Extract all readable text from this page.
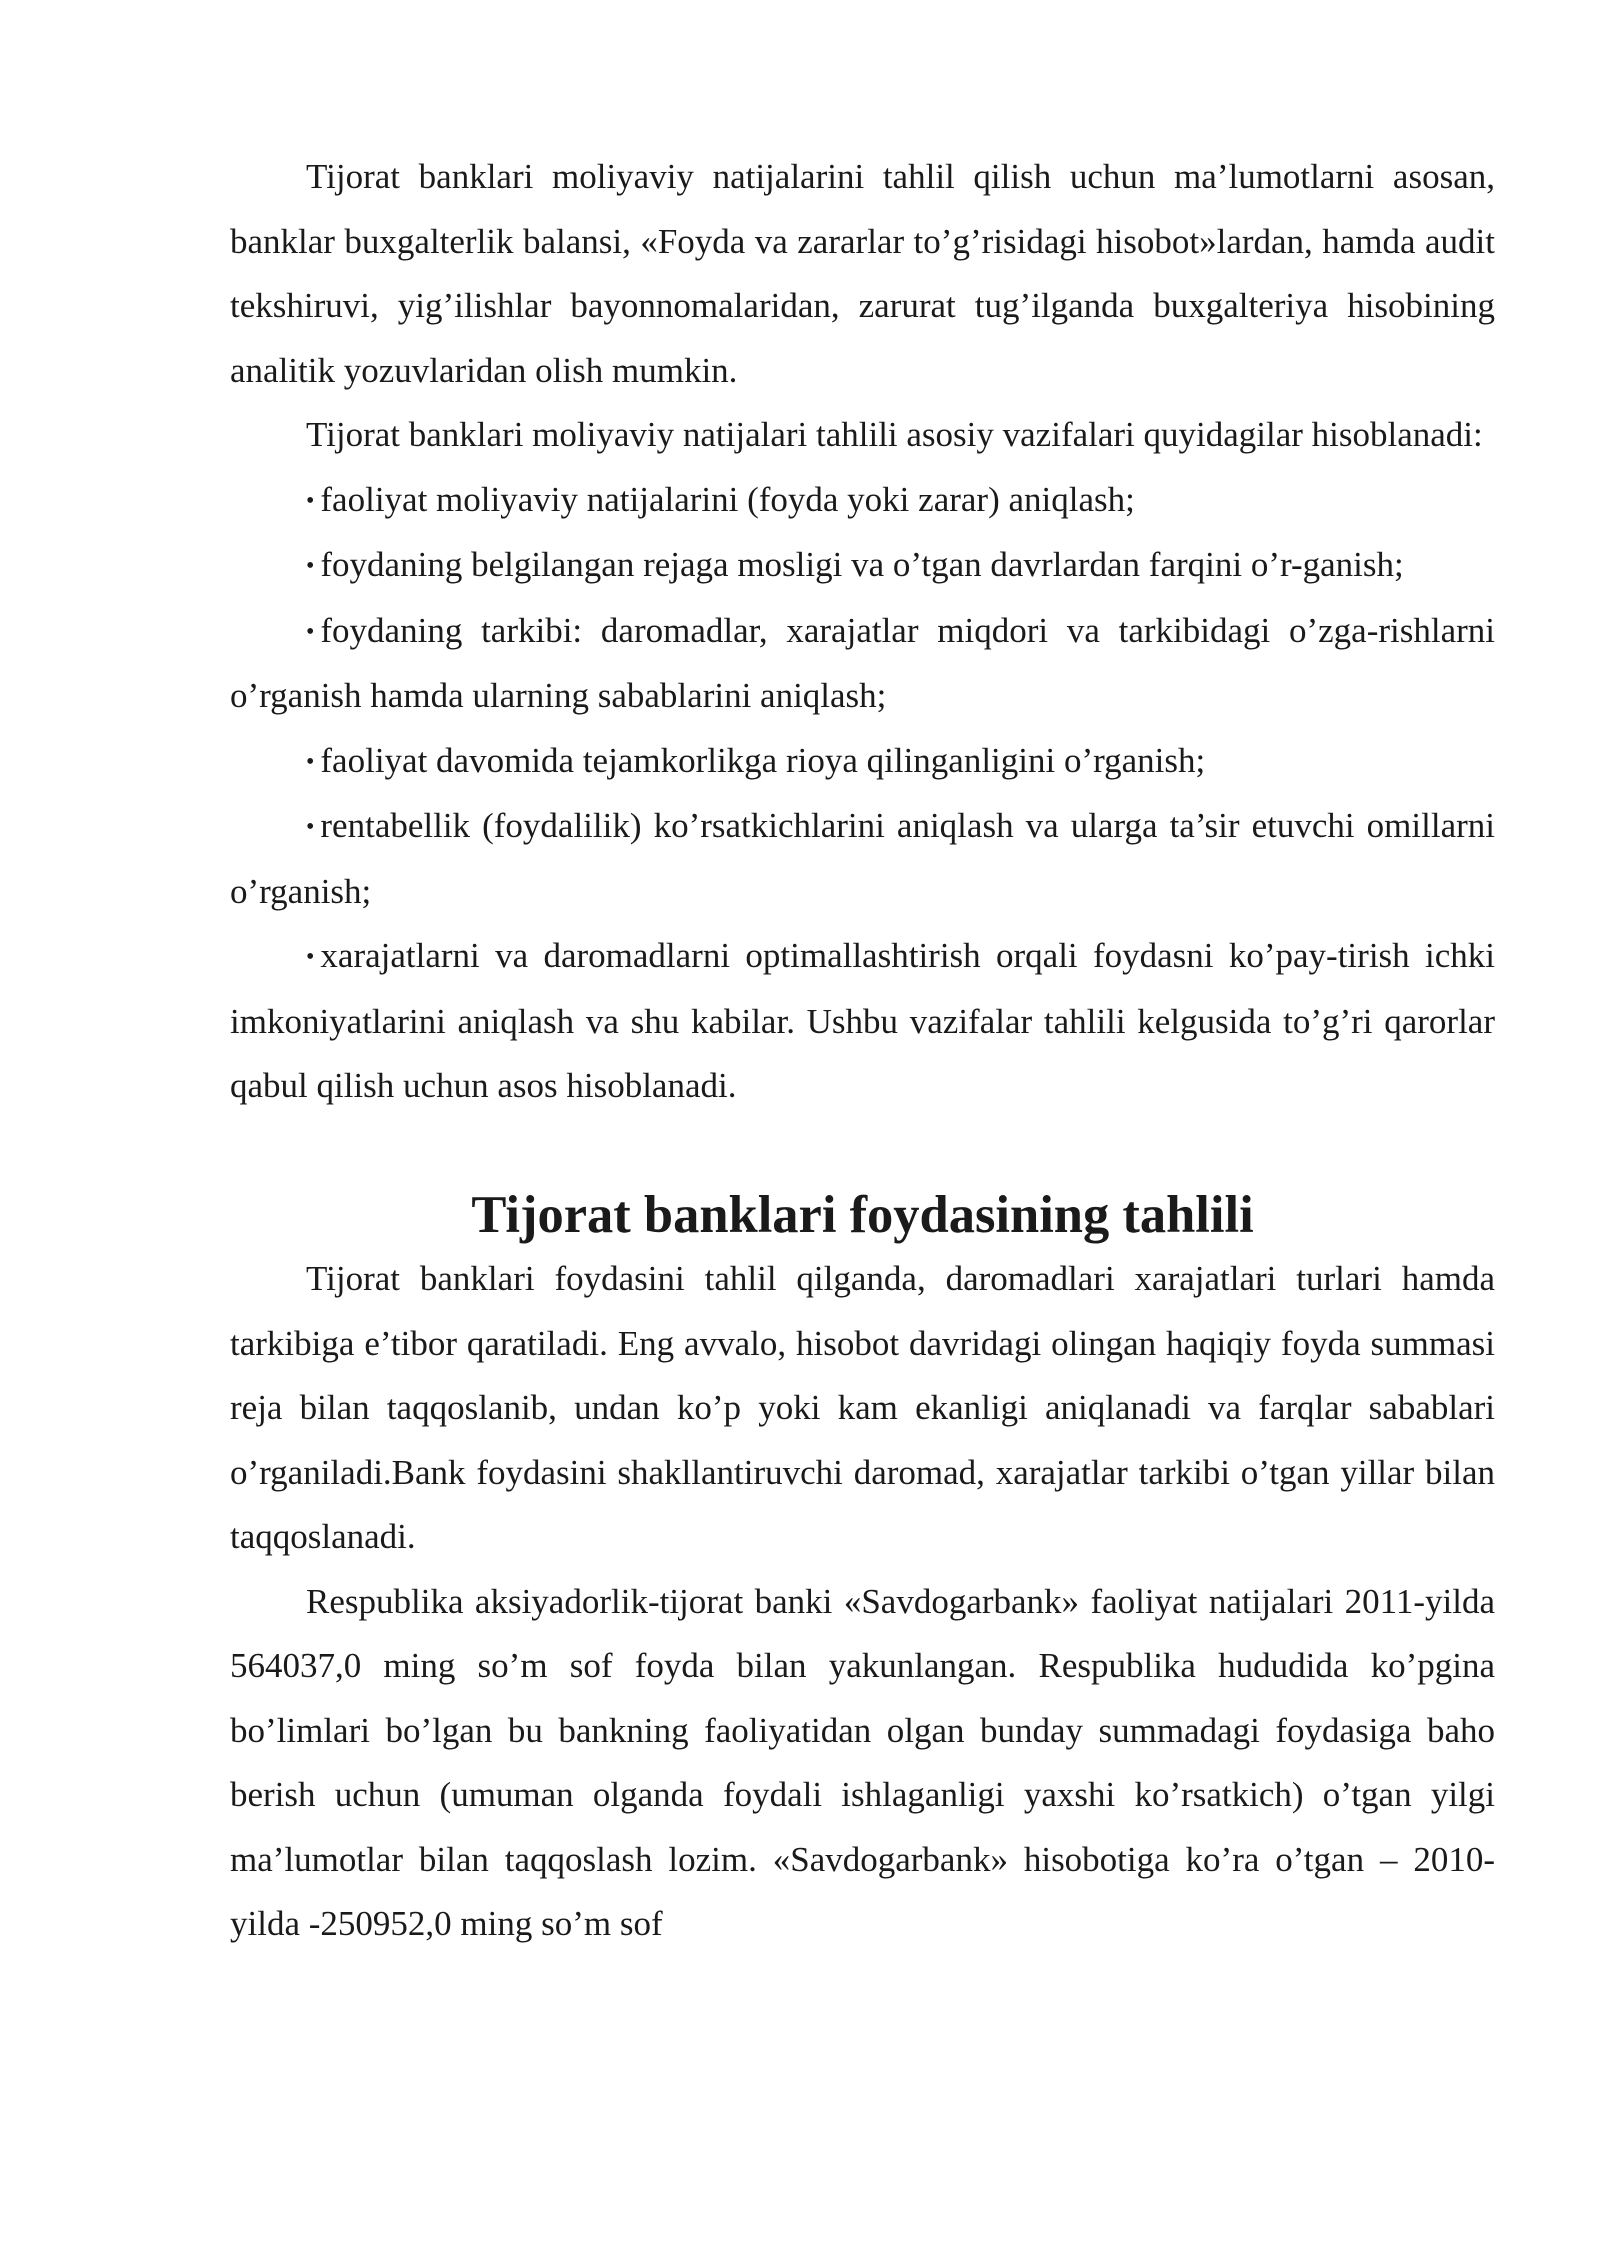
Tijorat banklari moliyaviy natijalarini tahlil qilish uchun ma’lumotlarni asosan, banklar buxgalterlik balansi, «Foyda va zararlar to’g’risidagi hisobot»lardan, hamda audit tekshiruvi, yig’ilishlar bayonnomalaridan, zarurat tug’ilganda buxgalteriya hisobining analitik yozuvlaridan olish mumkin.

Tijorat banklari moliyaviy natijalari tahlili asosiy vazifalari quyidagilar hisoblanadi:

• faoliyat moliyaviy natijalarini (foyda yoki zarar) aniqlash;

• foydaning belgilangan rejaga mosligi va o’tgan davrlardan farqini o’r-ganish;

• foydaning tarkibi: daromadlar, xarajatlar miqdori va tarkibidagi o’zga-rishlarni o’rganish hamda ularning sabablarini aniqlash;

• faoliyat davomida tejamkorlikga rioya qilinganligini o’rganish;

• rentabellik (foydalilik) ko’rsatkichlarini aniqlash va ularga ta’sir etuvchi omillarni o’rganish;

• xarajatlarni va daromadlarni optimallashtirish orqali foydasni ko’pay-tirish ichki imkoniyatlarini aniqlash va shu kabilar. Ushbu vazifalar tahlili kelgusida to’g’ri qarorlar qabul qilish uchun asos hisoblanadi.

Tijorat banklari foydasining tahlili

Tijorat banklari foydasini tahlil qilganda, daromadlari xarajatlari turlari hamda tarkibiga e’tibor qaratiladi. Eng avvalo, hisobot davridagi olingan haqiqiy foyda summasi reja bilan taqqoslanib, undan ko’p yoki kam ekanligi aniqlanadi va farqlar sabablari o’rganiladi.Bank foydasini shakllantiruvchi daromad, xarajatlar tarkibi o’tgan yillar bilan taqqoslanadi.

Respublika aksiyadorlik-tijorat banki «Savdogarbank» faoliyat natijalari 2011-yilda 564037,0 ming so’m sof foyda bilan yakunlangan. Respublika hududida ko’pgina bo’limlari bo’lgan bu bankning faoliyatidan olgan bunday summadagi foydasiga baho berish uchun (umuman olganda foydali ishlaganligi yaxshi ko’rsatkich) o’tgan yilgi ma’lumotlar bilan taqqoslash lozim. «Savdogarbank» hisobotiga ko’ra o’tgan – 2010-yilda -250952,0 ming so’m sof
